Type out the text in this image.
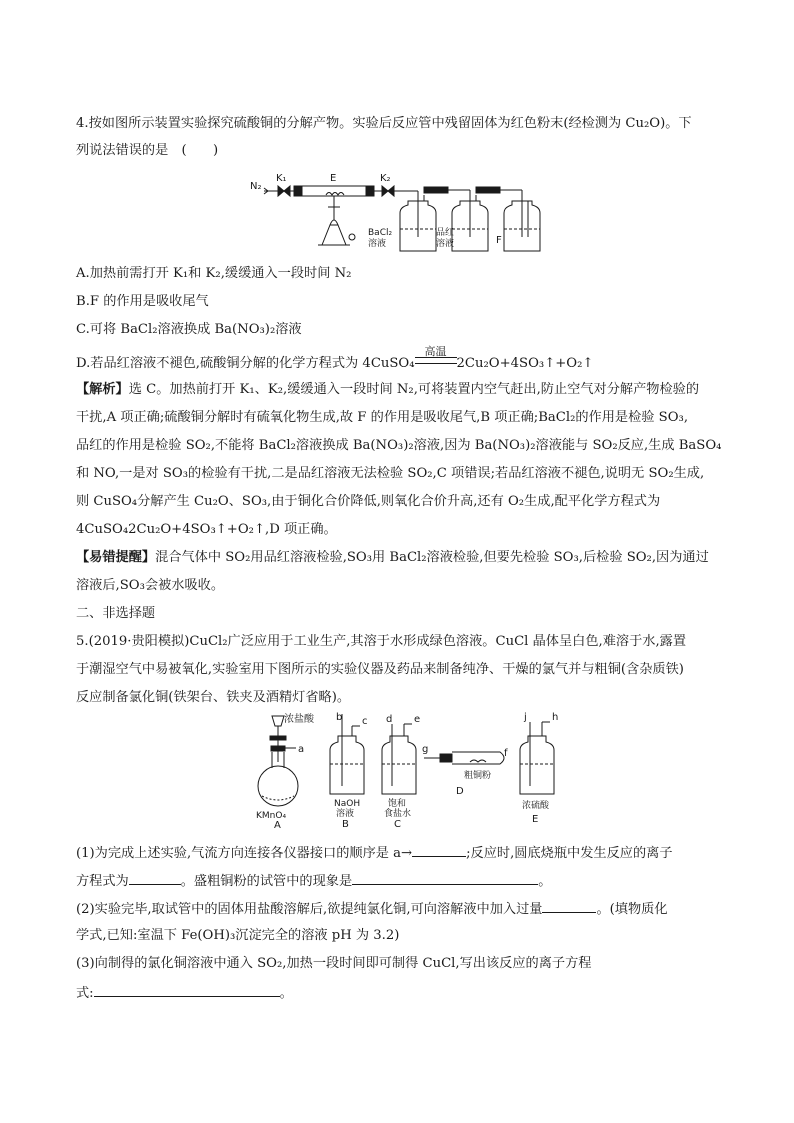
4.按如图所示装置实验探究硫酸铜的分解产物。实验后反应管中残留固体为红色粉末(经检测为 Cu₂O)。下
列说法错误的是　(　　)
N₂
K₁	E	K₂
BaCl₂
溶液
品红
溶液	F
A.加热前需打开 K₁和 K₂,缓缓通入一段时间 N₂
B.F 的作用是吸收尾气
C.可将 BaCl₂溶液换成 Ba(NO₃)₂溶液
D.若品红溶液不褪色,硫酸铜分解的化学方程式为 4CuSO₄
高温
2Cu₂O+4SO₃↑+O₂↑
【解析】选 C。加热前打开 K₁、K₂,缓缓通入一段时间 N₂,可将装置内空气赶出,防止空气对分解产物检验的
干扰,A 项正确;硫酸铜分解时有硫氧化物生成,故 F 的作用是吸收尾气,B 项正确;BaCl₂的作用是检验 SO₃,
品红的作用是检验 SO₂,不能将 BaCl₂溶液换成 Ba(NO₃)₂溶液,因为 Ba(NO₃)₂溶液能与 SO₂反应,生成 BaSO₄
和 NO,一是对 SO₃的检验有干扰,二是品红溶液无法检验 SO₂,C 项错误;若品红溶液不褪色,说明无 SO₂生成,
则 CuSO₄分解产生 Cu₂O、SO₃,由于铜化合价降低,则氧化合价升高,还有 O₂生成,配平化学方程式为
4CuSO₄2Cu₂O+4SO₃↑+O₂↑,D 项正确。
【易错提醒】混合气体中 SO₂用品红溶液检验,SO₃用 BaCl₂溶液检验,但要先检验 SO₃,后检验 SO₂,因为通过
溶液后,SO₃会被水吸收。
二、非选择题
5.(2019·贵阳模拟)CuCl₂广泛应用于工业生产,其溶于水形成绿色溶液。CuCl 晶体呈白色,难溶于水,露置
于潮湿空气中易被氧化,实验室用下图所示的实验仪器及药品来制备纯净、干燥的氯气并与粗铜(含杂质铁)
反应制备氯化铜(铁架台、铁夹及酒精灯省略)。
浓盐酸
a
KMnO₄
A
b c
NaOH
溶液
B
d e
饱和
食盐水
C
g	f
粗铜粉
D
j	h
浓硫酸
E
(1)为完成上述实验,气流方向连接各仪器接口的顺序是 a→	;反应时,圆底烧瓶中发生反应的离子
方程式为	。盛粗铜粉的试管中的现象是	。
(2)实验完毕,取试管中的固体用盐酸溶解后,欲提纯氯化铜,可向溶解液中加入过量	。(填物质化
学式,已知:室温下 Fe(OH)₃沉淀完全的溶液 pH 为 3.2)
(3)向制得的氯化铜溶液中通入 SO₂,加热一段时间即可制得 CuCl,写出该反应的离子方程
式:	。
